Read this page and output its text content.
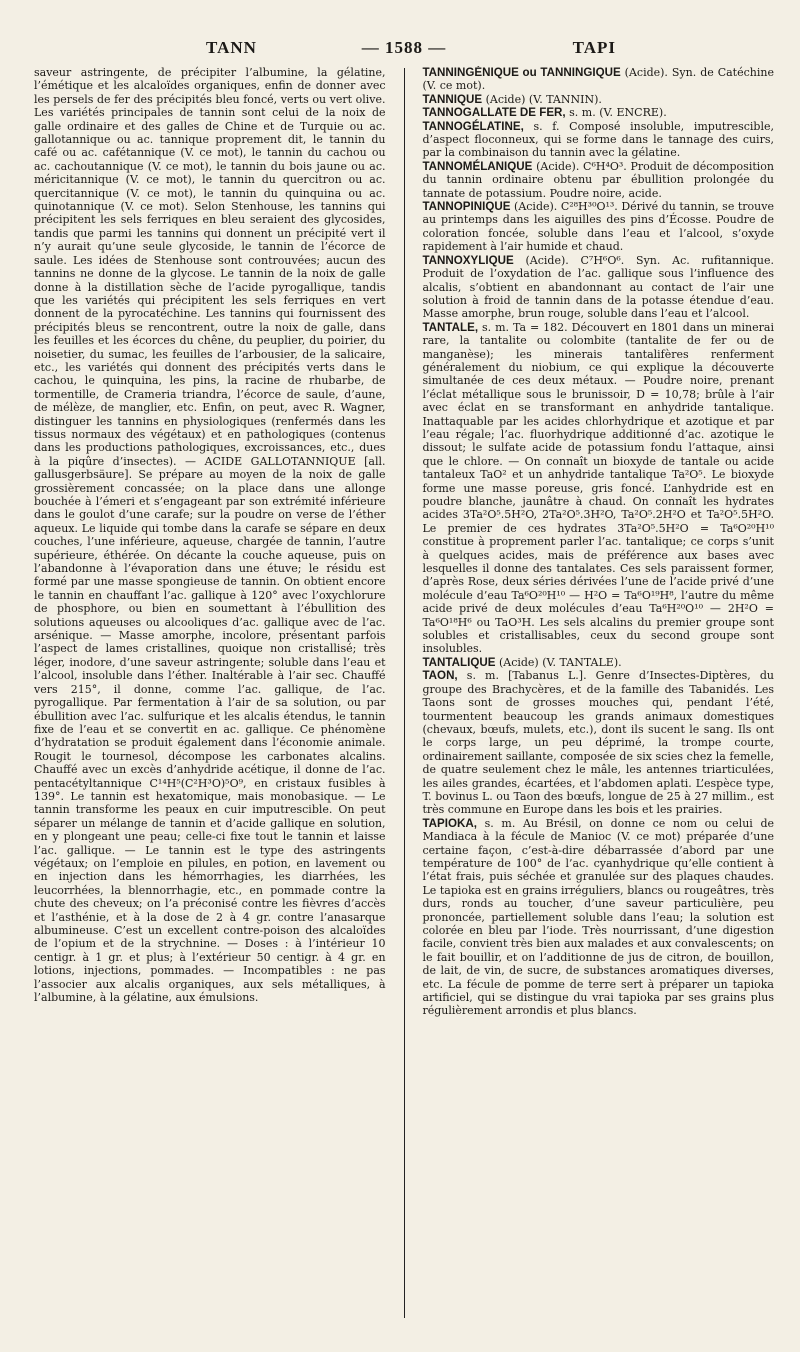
TANN	— 1588 —	TAPI

saveur astringente, de précipiter l’albumine, la gélatine, l’émétique et les alcaloïdes organiques, enfin de donner avec les persels de fer des précipités bleu foncé, verts ou vert olive. Les variétés principales de tannin sont celui de la noix de galle ordinaire et des galles de Chine et de Turquie ou ac. gallotannique ou ac. tannique proprement dit, le tannin du café ou ac. cafétannique (V. ce mot), le tannin du cachou ou ac. cachoutannique (V. ce mot), le tannin du bois jaune ou ac. méricitannique (V. ce mot), le tannin du quercitron ou ac. quercitannique (V. ce mot), le tannin du quinquina ou ac. quinotannique (V. ce mot). Selon Stenhouse, les tannins qui précipitent les sels ferriques en bleu seraient des glycosides, tandis que parmi les tannins qui donnent un précipité vert il n’y aurait qu’une seule glycoside, le tannin de l’écorce de saule. Les idées de Stenhouse sont controuvées; aucun des tannins ne donne de la glycose. Le tannin de la noix de galle donne à la distillation sèche de l’acide pyrogallique, tandis que les variétés qui précipitent les sels ferriques en vert donnent de la pyrocatéchine. Les tannins qui fournissent des précipités bleus se rencontrent, outre la noix de galle, dans les feuilles et les écorces du chêne, du peuplier, du poirier, du noisetier, du sumac, les feuilles de l’arbousier, de la salicaire, etc., les variétés qui donnent des précipités verts dans le cachou, le quinquina, les pins, la racine de rhubarbe, de tormentille, de Crameria triandra, l’écorce de saule, d’aune, de mélèze, de manglier, etc. Enfin, on peut, avec R. Wagner, distinguer les tannins en physiologiques (renfermés dans les tissus normaux des végétaux) et en pathologiques (contenus dans les productions pathologiques, excroissances, etc., dues à la piqûre d’insectes). — ACIDE GALLOTANNIQUE [all. gallusgerbsäure]. Se prépare au moyen de la noix de galle grossièrement concassée; on la place dans une allonge bouchée à l’émeri et s’engageant par son extrémité inférieure dans le goulot d’une carafe; sur la poudre on verse de l’éther aqueux. Le liquide qui tombe dans la carafe se sépare en deux couches, l’une inférieure, aqueuse, chargée de tannin, l’autre supérieure, éthérée. On décante la couche aqueuse, puis on l’abandonne à l’évaporation dans une étuve; le résidu est formé par une masse spongieuse de tannin. On obtient encore le tannin en chauffant l’ac. gallique à 120° avec l’oxychlorure de phosphore, ou bien en soumettant à l’ébullition des solutions aqueuses ou alcooliques d’ac. gallique avec de l’ac. arsénique. — Masse amorphe, incolore, présentant parfois l’aspect de lames cristallines, quoique non cristallisé; très léger, inodore, d’une saveur astringente; soluble dans l’eau et l’alcool, insoluble dans l’éther. Inaltérable à l’air sec. Chauffé vers 215°, il donne, comme l’ac. gallique, de l’ac. pyrogallique. Par fermentation à l’air de sa solution, ou par ébullition avec l’ac. sulfurique et les alcalis étendus, le tannin fixe de l’eau et se convertit en ac. gallique. Ce phénomène d’hydratation se produit également dans l’économie animale. Rougit le tournesol, décompose les carbonates alcalins. Chauffé avec un excès d’anhydride acétique, il donne de l’ac. pentacétyltannique C¹⁴H⁵(C²H³O)⁵O⁹, en cristaux fusibles à 139°. Le tannin est hexatomique, mais monobasique. — Le tannin transforme les peaux en cuir imputrescible. On peut séparer un mélange de tannin et d’acide gallique en solution, en y plongeant une peau; celle-ci fixe tout le tannin et laisse l’ac. gallique. — Le tannin est le type des astringents végétaux; on l’emploie en pilules, en potion, en lavement ou en injection dans les hémorrhagies, les diarrhées, les leucorrhées, la blennorrhagie, etc., en pommade contre la chute des cheveux; on l’a préconisé contre les fièvres d’accès et l’asthénie, et à la dose de 2 à 4 gr. contre l’anasarque albumineuse. C’est un excellent contre-poison des alcaloïdes de l’opium et de la strychnine. — Doses : à l’intérieur 10 centigr. à 1 gr. et plus; à l’extérieur 50 centigr. à 4 gr. en lotions, injections, pommades. — Incompatibles : ne pas l’associer aux alcalis organiques, aux sels métalliques, à l’albumine, à la gélatine, aux émulsions.

TANNINGÉNIQUE ou TANNINGIQUE (Acide). Syn. de Catéchine (V. ce mot).

TANNIQUE (Acide) (V. TANNIN).

TANNOGALLATE DE FER, s. m. (V. ENCRE).

TANNOGÉLATINE, s. f. Composé insoluble, imputrescible, d’aspect floconneux, qui se forme dans le tannage des cuirs, par la combinaison du tannin avec la gélatine.

TANNOMÉLANIQUE (Acide). C⁶H⁴O³. Produit de décomposition du tannin ordinaire obtenu par ébullition prolongée du tannate de potassium. Poudre noire, acide.

TANNOPINIQUE (Acide). C²⁸H³⁰O¹³. Dérivé du tannin, se trouve au printemps dans les aiguilles des pins d’Écosse. Poudre de coloration foncée, soluble dans l’eau et l’alcool, s’oxyde rapidement à l’air humide et chaud.

TANNOXYLIQUE (Acide). C⁷H⁶O⁶. Syn. Ac. rufitannique. Produit de l’oxydation de l’ac. gallique sous l’influence des alcalis, s’obtient en abandonnant au contact de l’air une solution à froid de tannin dans de la potasse étendue d’eau. Masse amorphe, brun rouge, soluble dans l’eau et l’alcool.

TANTALE, s. m. Ta = 182. Découvert en 1801 dans un minerai rare, la tantalite ou colombite (tantalite de fer ou de manganèse); les minerais tantalifères renferment généralement du niobium, ce qui explique la découverte simultanée de ces deux métaux. — Poudre noire, prenant l’éclat métallique sous le brunissoir, D = 10,78; brûle à l’air avec éclat en se transformant en anhydride tantalique. Inattaquable par les acides chlorhydrique et azotique et par l’eau régale; l’ac. fluorhydrique additionné d’ac. azotique le dissout; le sulfate acide de potassium fondu l’attaque, ainsi que le chlore. — On connaît un bioxyde de tantale ou acide tantaleux TaO² et un anhydride tantalique Ta²O⁵. Le bioxyde forme une masse poreuse, gris foncé. L’anhydride est en poudre blanche, jaunâtre à chaud. On connaît les hydrates acides 3Ta²O⁵.5H²O, 2Ta²O⁵.3H²O, Ta²O⁵.2H²O et Ta²O⁵.5H²O. Le premier de ces hydrates 3Ta²O⁵.5H²O = Ta⁶O²⁰H¹⁰ constitue à proprement parler l’ac. tantalique; ce corps s’unit à quelques acides, mais de préférence aux bases avec lesquelles il donne des tantalates. Ces sels paraissent former, d’après Rose, deux séries dérivées l’une de l’acide privé d’une molécule d’eau Ta⁶O²⁰H¹⁰ — H²O = Ta⁶O¹⁹H⁸, l’autre du même acide privé de deux molécules d’eau Ta⁶H²⁰O¹⁰ — 2H²O = Ta⁶O¹⁸H⁶ ou TaO³H. Les sels alcalins du premier groupe sont solubles et cristallisables, ceux du second groupe sont insolubles.

TANTALIQUE (Acide) (V. TANTALE).

TAON, s. m. [Tabanus L.]. Genre d’Insectes-Diptères, du groupe des Brachycères, et de la famille des Tabanidés. Les Taons sont de grosses mouches qui, pendant l’été, tourmentent beaucoup les grands animaux domestiques (chevaux, bœufs, mulets, etc.), dont ils sucent le sang. Ils ont le corps large, un peu déprimé, la trompe courte, ordinairement saillante, composée de six scies chez la femelle, de quatre seulement chez le mâle, les antennes triarticulées, les ailes grandes, écartées, et l’abdomen aplati. L’espèce type, T. bovinus L. ou Taon des bœufs, longue de 25 à 27 millim., est très commune en Europe dans les bois et les prairies.

TAPIOKA, s. m. Au Brésil, on donne ce nom ou celui de Mandiaca à la fécule de Manioc (V. ce mot) préparée d’une certaine façon, c’est-à-dire débarrassée d’abord par une température de 100° de l’ac. cyanhydrique qu’elle contient à l’état frais, puis séchée et granulée sur des plaques chaudes. Le tapioka est en grains irréguliers, blancs ou rougeâtres, très durs, ronds au toucher, d’une saveur particulière, peu prononcée, partiellement soluble dans l’eau; la solution est colorée en bleu par l’iode. Très nourrissant, d’une digestion facile, convient très bien aux malades et aux convalescents; on le fait bouillir, et on l’additionne de jus de citron, de bouillon, de lait, de vin, de sucre, de substances aromatiques diverses, etc. La fécule de pomme de terre sert à préparer un tapioka artificiel, qui se distingue du vrai tapioka par ses grains plus régulièrement arrondis et plus blancs.
